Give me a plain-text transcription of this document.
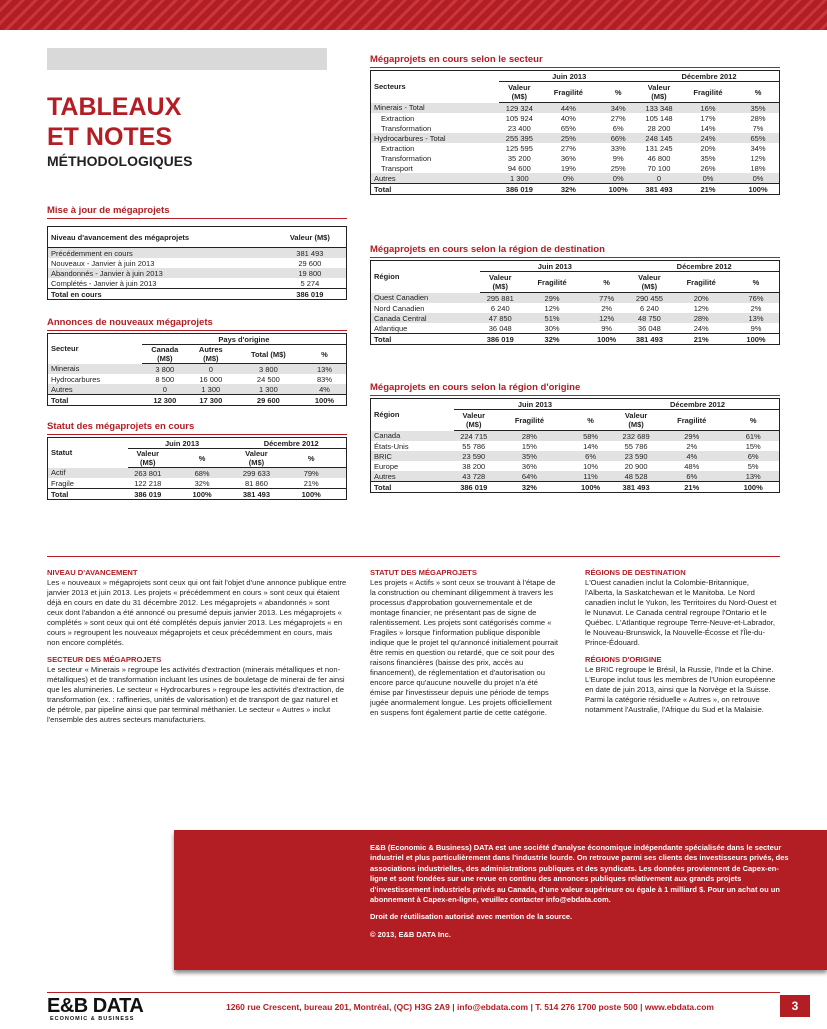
TABLEAUX
ET NOTES
MÉTHODOLOGIQUES
Mise à jour de mégaprojets
Niveau d'avancement des mégaprojets	Valeur (M$)
Précédemment en cours	381 493
Nouveaux - Janvier à juin 2013	29 600
Abandonnés - Janvier à juin 2013	19 800
Complétés - Janvier à juin 2013	5 274
Total en cours	386 019
Annonces de nouveaux mégaprojets
Secteur	Pays d'origine			
	Canada (M$)	Autres (M$)	Total (M$)	%
Minerais	3 800	0	3 800	13%
Hydrocarbures	8 500	16 000	24 500	83%
Autres	0	1 300	1 300	4%
Total	12 300	17 300	29 600	100%
Statut des mégaprojets en cours
Statut	Juin 2013		Décembre 2012	
	Valeur (M$)	%	Valeur (M$)	%
Actif	263 801	68%	299 633	79%
Fragile	122 218	32%	81 860	21%
Total	386 019	100%	381 493	100%
Mégaprojets en cours selon le secteur
Secteurs	Juin 2013			Décembre 2012		
	Valeur (M$)	Fragilité	%	Valeur (M$)	Fragilité	%
Minerais - Total	129 324	44%	34%	133 348	16%	35%
Extraction	105 924	40%	27%	105 148	17%	28%
Transformation	23 400	65%	6%	28 200	14%	7%
Hydrocarbures - Total	255 395	25%	66%	248 145	24%	65%
Extraction	125 595	27%	33%	131 245	20%	34%
Transformation	35 200	36%	9%	46 800	35%	12%
Transport	94 600	19%	25%	70 100	26%	18%
Autres	1 300	0%	0%	0	0%	0%
Total	386 019	32%	100%	381 493	21%	100%
Mégaprojets en cours selon la région de destination
Région	Juin 2013			Décembre 2012		
	Valeur (M$)	Fragilité	%	Valeur (M$)	Fragilité	%
Ouest Canadien	295 881	29%	77%	290 455	20%	76%
Nord Canadien	6 240	12%	2%	6 240	12%	2%
Canada Central	47 850	51%	12%	48 750	28%	13%
Atlantique	36 048	30%	9%	36 048	24%	9%
Total	386 019	32%	100%	381 493	21%	100%
Mégaprojets en cours selon la région d'origine
Région	Juin 2013			Décembre 2012		
	Valeur (M$)	Fragilité	%	Valeur (M$)	Fragilité	%
Canada	224 715	28%	58%	232 689	29%	61%
États-Unis	55 786	15%	14%	55 786	2%	15%
BRIC	23 590	35%	6%	23 590	4%	6%
Europe	38 200	36%	10%	20 900	48%	5%
Autres	43 728	64%	11%	48 528	6%	13%
Total	386 019	32%	100%	381 493	21%	100%
NIVEAU D'AVANCEMENT

Les « nouveaux » mégaprojets sont ceux qui ont fait l'objet d'une annonce publique entre janvier 2013 et juin 2013. Les projets « précédemment en cours » sont ceux qui étaient déjà en cours en date du 31 décembre 2012. Les mégaprojets « abandonnés » sont ceux dont l'abandon a été annoncé ou presumé depuis janvier 2013. Les mégaprojets « complétés » sont ceux qui ont été complétés depuis janvier 2013. Les mégaprojets « en cours » regroupent les nouveaux mégaprojets et ceux précédemment en cours, mais non encore complétés.

SECTEUR DES MÉGAPROJETS

Le secteur « Minerais » regroupe les activités d'extraction (minerais métalliques et non-métalliques) et de transformation incluant les usines de bouletage de minerai de fer ainsi que les alumineries. Le secteur « Hydrocarbures » regroupe les activités d'extraction, de transformation (ex. : raffineries, unités de valorisation) et de transport de gaz naturel et de pétrole, par pipeline ainsi que par terminal méthanier. Le secteur « Autres » inclut l'ensemble des autres secteurs manufacturiers.

STATUT DES MÉGAPROJETS

Les projets « Actifs » sont ceux se trouvant à l'étape de la construction ou cheminant diligemment à travers les processus d'approbation gouvernementale et de montage financier, ne présentant pas de signe de ralentissement. Les projets sont catégorisés comme « Fragiles » lorsque l'information publique disponible indique que le projet tel qu'annoncé initialement pourrait être remis en question ou retardé, que ce soit pour des raisons financières (baisse des prix, accès au financement), de réglementation et d'autorisation ou encore parce qu'aucune nouvelle du projet n'a été émise par l'investisseur depuis une période de temps jugée anormalement longue. Les projets officiellement en suspens font également partie de cette catégorie.

RÉGIONS DE DESTINATION

L'Ouest canadien inclut la Colombie-Britannique, l'Alberta, la Saskatchewan et le Manitoba. Le Nord canadien inclut le Yukon, les Territoires du Nord-Ouest et le Nunavut. Le Canada central regroupe l'Ontario et le Québec. L'Atlantique regroupe Terre-Neuve-et-Labrador, le Nouveau-Brunswick, la Nouvelle-Écosse et l'Île-du-Prince-Édouard.

RÉGIONS D'ORIGINE

Le BRIC regroupe le Brésil, la Russie, l'Inde et la Chine. L'Europe inclut tous les membres de l'Union européenne en date de juin 2013, ainsi que la Norvège et la Suisse. Parmi la catégorie résiduelle « Autres », on retrouve notamment l'Australie, l'Afrique du Sud et la Malaisie.

E&B (Economic & Business) DATA est une société d'analyse économique indépendante spécialisée dans le secteur industriel et plus particulièrement dans l'industrie lourde. On retrouve parmi ses clients des investisseurs privés, des associations industrielles, des administrations publiques et des syndicats. Les données proviennent de Capex-en-ligne et sont fondées sur une revue en continu des annonces publiques relativement aux grands projets d'investissement industriels privés au Canada, d'une valeur supérieure ou égale à 1 milliard $. Pour un achat ou un abonnement à Capex-en-ligne, veuillez contacter info@ebdata.com.

Droit de réutilisation autorisé avec mention de la source.

© 2013, E&B DATA Inc.

E&B DATA
ECONOMIC & BUSINESS
1260 rue Crescent, bureau 201, Montréal, (QC) H3G 2A9 | info@ebdata.com | T. 514 276 1700 poste 500 | www.ebdata.com	3
